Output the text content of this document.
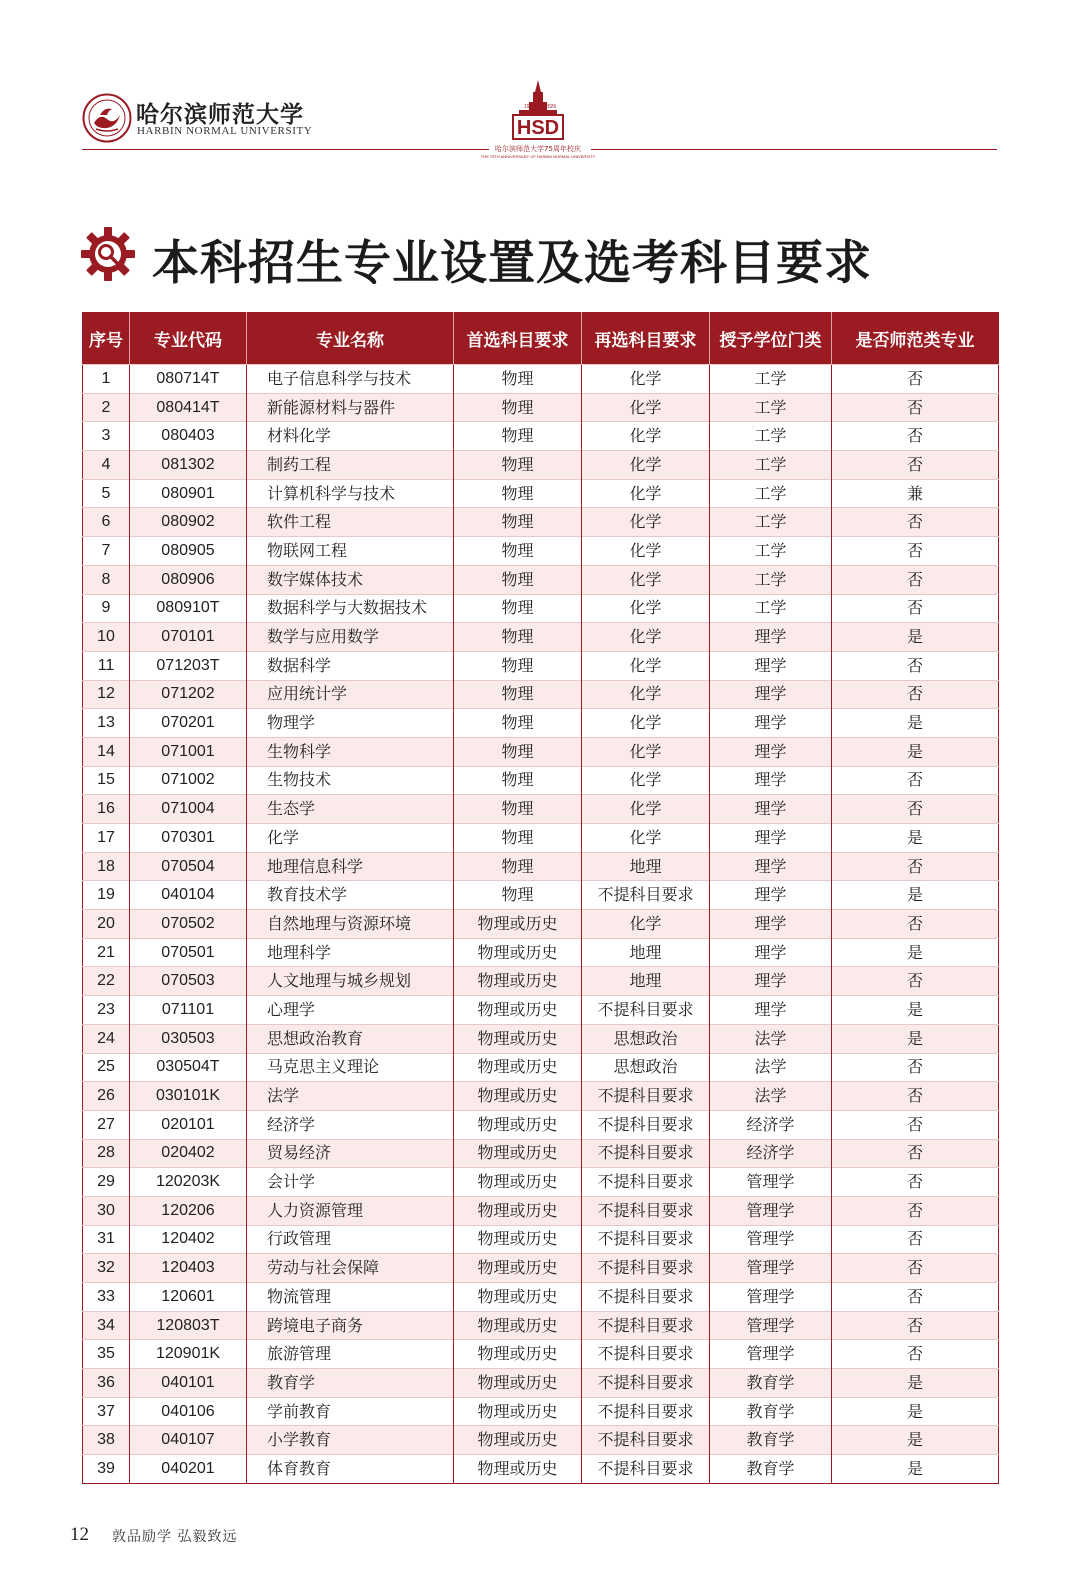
哈尔滨师范大学
HARBIN NORMAL UNIVERSITY
1951 2026
HSD
哈尔滨师范大学75周年校庆
THE 75TH ANNIVERSARY OF HARBIN NORMAL UNIVERSITY
本科招生专业设置及选考科目要求
序号	专业代码	专业名称	首选科目要求	再选科目要求	授予学位门类	是否师范类专业
1	080714T	电子信息科学与技术	物理	化学	工学	否
2	080414T	新能源材料与器件	物理	化学	工学	否
3	080403	材料化学	物理	化学	工学	否
4	081302	制药工程	物理	化学	工学	否
5	080901	计算机科学与技术	物理	化学	工学	兼
6	080902	软件工程	物理	化学	工学	否
7	080905	物联网工程	物理	化学	工学	否
8	080906	数字媒体技术	物理	化学	工学	否
9	080910T	数据科学与大数据技术	物理	化学	工学	否
10	070101	数学与应用数学	物理	化学	理学	是
11	071203T	数据科学	物理	化学	理学	否
12	071202	应用统计学	物理	化学	理学	否
13	070201	物理学	物理	化学	理学	是
14	071001	生物科学	物理	化学	理学	是
15	071002	生物技术	物理	化学	理学	否
16	071004	生态学	物理	化学	理学	否
17	070301	化学	物理	化学	理学	是
18	070504	地理信息科学	物理	地理	理学	否
19	040104	教育技术学	物理	不提科目要求	理学	是
20	070502	自然地理与资源环境	物理或历史	化学	理学	否
21	070501	地理科学	物理或历史	地理	理学	是
22	070503	人文地理与城乡规划	物理或历史	地理	理学	否
23	071101	心理学	物理或历史	不提科目要求	理学	是
24	030503	思想政治教育	物理或历史	思想政治	法学	是
25	030504T	马克思主义理论	物理或历史	思想政治	法学	否
26	030101K	法学	物理或历史	不提科目要求	法学	否
27	020101	经济学	物理或历史	不提科目要求	经济学	否
28	020402	贸易经济	物理或历史	不提科目要求	经济学	否
29	120203K	会计学	物理或历史	不提科目要求	管理学	否
30	120206	人力资源管理	物理或历史	不提科目要求	管理学	否
31	120402	行政管理	物理或历史	不提科目要求	管理学	否
32	120403	劳动与社会保障	物理或历史	不提科目要求	管理学	否
33	120601	物流管理	物理或历史	不提科目要求	管理学	否
34	120803T	跨境电子商务	物理或历史	不提科目要求	管理学	否
35	120901K	旅游管理	物理或历史	不提科目要求	管理学	否
36	040101	教育学	物理或历史	不提科目要求	教育学	是
37	040106	学前教育	物理或历史	不提科目要求	教育学	是
38	040107	小学教育	物理或历史	不提科目要求	教育学	是
39	040201	体育教育	物理或历史	不提科目要求	教育学	是
12 敦品励学 弘毅致远
